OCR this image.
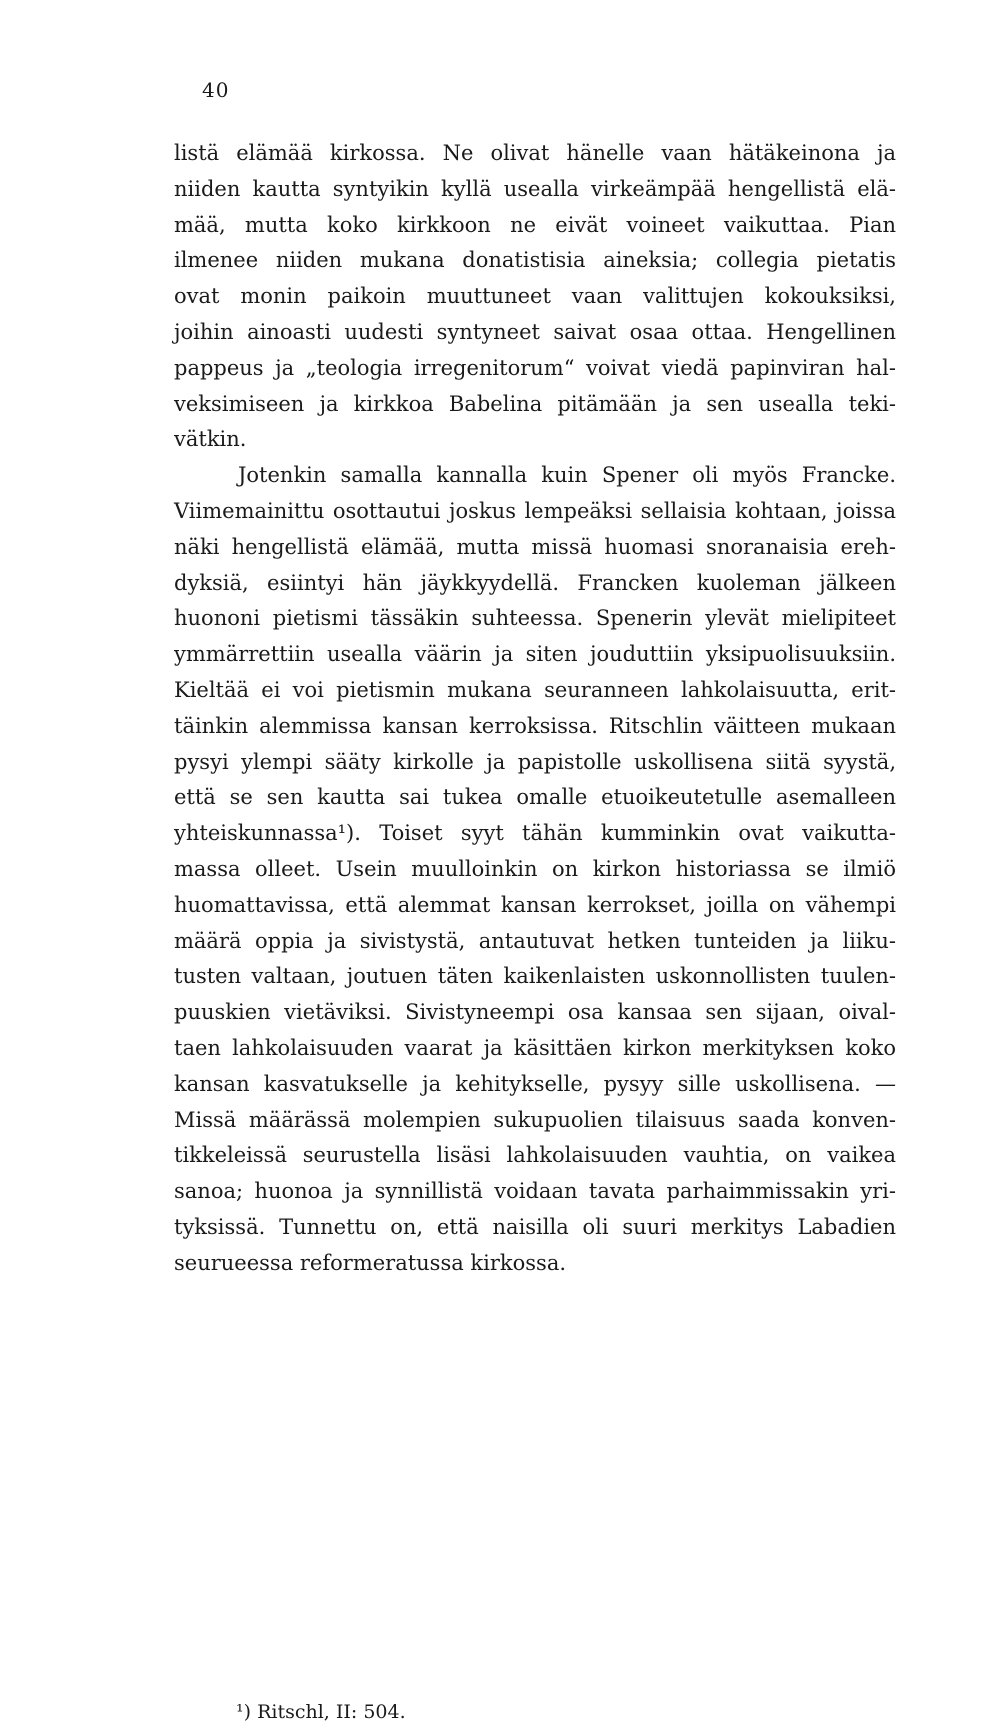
40
listä elämää kirkossa. Ne olivat hänelle vaan hätäkeinona ja
niiden kautta syntyikin kyllä usealla virkeämpää hengellistä elä-
mää, mutta koko kirkkoon ne eivät voineet vaikuttaa. Pian
ilmenee niiden mukana donatistisia aineksia; collegia pietatis
ovat monin paikoin muuttuneet vaan valittujen kokouksiksi,
joihin ainoasti uudesti syntyneet saivat osaa ottaa. Hengellinen
pappeus ja „teologia irregenitorum“ voivat viedä papinviran hal-
veksimiseen ja kirkkoa Babelina pitämään ja sen usealla teki-
vätkin.
Jotenkin samalla kannalla kuin Spener oli myös Francke.
Viimemainittu osottautui joskus lempeäksi sellaisia kohtaan, joissa
näki hengellistä elämää, mutta missä huomasi snoranaisia ereh-
dyksiä, esiintyi hän jäykkyydellä. Francken kuoleman jälkeen
huononi pietismi tässäkin suhteessa. Spenerin ylevät mielipiteet
ymmärrettiin usealla väärin ja siten jouduttiin yksipuolisuuksiin.
Kieltää ei voi pietismin mukana seuranneen lahkolaisuutta, erit-
täinkin alemmissa kansan kerroksissa. Ritschlin väitteen mukaan
pysyi ylempi sääty kirkolle ja papistolle uskollisena siitä syystä,
että se sen kautta sai tukea omalle etuoikeutetulle asemalleen
yhteiskunnassa¹). Toiset syyt tähän kumminkin ovat vaikutta-
massa olleet. Usein muulloinkin on kirkon historiassa se ilmiö
huomattavissa, että alemmat kansan kerrokset, joilla on vähempi
määrä oppia ja sivistystä, antautuvat hetken tunteiden ja liiku-
tusten valtaan, joutuen täten kaikenlaisten uskonnollisten tuulen-
puuskien vietäviksi. Sivistyneempi osa kansaa sen sijaan, oival-
taen lahkolaisuuden vaarat ja käsittäen kirkon merkityksen koko
kansan kasvatukselle ja kehitykselle, pysyy sille uskollisena. —
Missä määrässä molempien sukupuolien tilaisuus saada konven-
tikkeleissä seurustella lisäsi lahkolaisuuden vauhtia, on vaikea
sanoa; huonoa ja synnillistä voidaan tavata parhaimmissakin yri-
tyksissä. Tunnettu on, että naisilla oli suuri merkitys Labadien
seurueessa reformeratussa kirkossa.
¹) Ritschl, II: 504.
